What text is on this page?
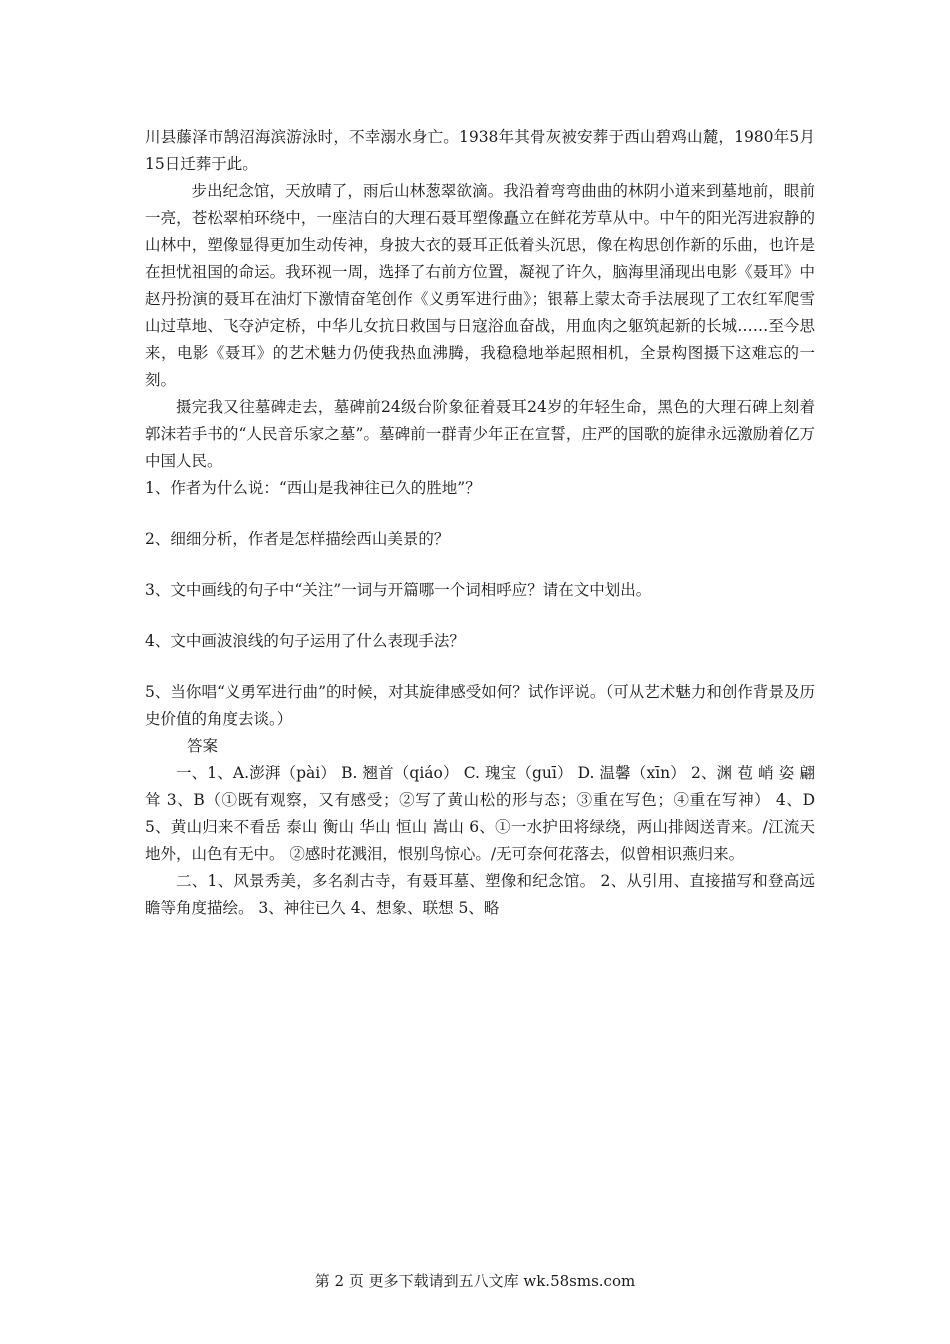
川县藤泽市鹄沼海滨游泳时，不幸溺水身亡。1938年其骨灰被安葬于西山碧鸡山麓，1980年5月15日迁葬于此。

步出纪念馆，天放晴了，雨后山林葱翠欲滴。我沿着弯弯曲曲的林阴小道来到墓地前，眼前一亮，苍松翠柏环绕中，一座洁白的大理石聂耳塑像矗立在鲜花芳草从中。中午的阳光泻进寂静的山林中，塑像显得更加生动传神，身披大衣的聂耳正低着头沉思，像在构思创作新的乐曲，也许是在担忧祖国的命运。我环视一周，选择了右前方位置，凝视了许久，脑海里涌现出电影《聂耳》中赵丹扮演的聂耳在油灯下激情奋笔创作《义勇军进行曲》；银幕上蒙太奇手法展现了工农红军爬雪山过草地、飞夺泸定桥，中华儿女抗日救国与日寇浴血奋战，用血肉之躯筑起新的长城……至今思来，电影《聂耳》的艺术魅力仍使我热血沸腾，我稳稳地举起照相机，全景构图摄下这难忘的一刻。

摄完我又往墓碑走去，墓碑前24级台阶象征着聂耳24岁的年轻生命，黑色的大理石碑上刻着郭沫若手书的“人民音乐家之墓”。墓碑前一群青少年正在宣誓，庄严的国歌的旋律永远激励着亿万中国人民。

1、作者为什么说：“西山是我神往已久的胜地”？

2、细细分析，作者是怎样描绘西山美景的？

3、文中画线的句子中“关注”一词与开篇哪一个词相呼应？请在文中划出。

4、文中画波浪线的句子运用了什么表现手法？

5、当你唱“义勇军进行曲”的时候，对其旋律感受如何？试作评说。（可从艺术魅力和创作背景及历史价值的角度去谈。）

答案

一、1、A.澎湃（pài） B. 翘首（qiáo） C. 瑰宝（guī） D. 温馨（xīn） 2、渊 苞 峭 姿 翩 耸 3、B（①既有观察，又有感受；②写了黄山松的形与态；③重在写色；④重在写神） 4、D 5、黄山归来不看岳 泰山 衡山 华山 恒山 嵩山 6、①一水护田将绿绕，两山排闼送青来。/江流天地外，山色有无中。 ②感时花溅泪，恨别鸟惊心。/无可奈何花落去，似曾相识燕归来。

二、1、风景秀美，多名刹古寺，有聂耳墓、塑像和纪念馆。 2、从引用、直接描写和登高远瞻等角度描绘。 3、神往已久 4、想象、联想 5、略

第 2 页 更多下载请到五八文库 wk.58sms.com
